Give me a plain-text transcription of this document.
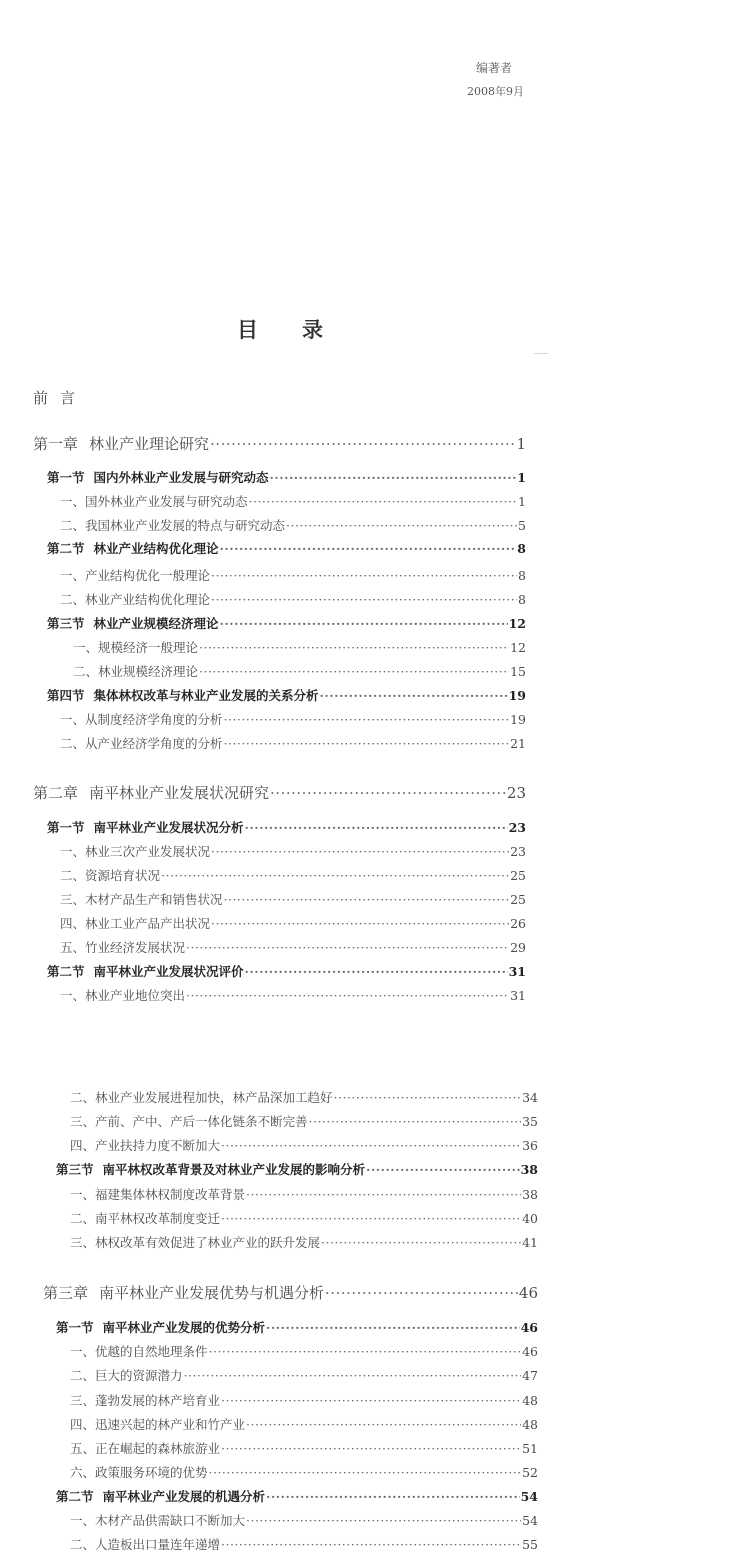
编著者
2008年9月
目录
前言
第一章 林业产业理论研究 ·····	1
第一节 国内外林业产业发展与研究动态 ·····	1
一、国外林业产业发展与研究动态 ·····	1
二、我国林业产业发展的特点与研究动态 ·····	5
第二节 林业产业结构优化理论 ·····	8
一、产业结构优化一般理论 ·····	8
二、林业产业结构优化理论 ·····	8
第三节 林业产业规模经济理论 ·····	12
一、规模经济一般理论 ·····	12
二、林业规模经济理论 ·····	15
第四节 集体林权改革与林业产业发展的关系分析 ·····	19
一、从制度经济学角度的分析 ·····	19
二、从产业经济学角度的分析 ·····	21
第二章 南平林业产业发展状况研究 ·····	23
第一节 南平林业产业发展状况分析 ·····	23
一、林业三次产业发展状况 ·····	23
二、资源培育状况 ·····	25
三、木材产品生产和销售状况 ·····	25
四、林业工业产品产出状况 ·····	26
五、竹业经济发展状况 ·····	29
第二节 南平林业产业发展状况评价 ·····	31
一、林业产业地位突出 ·····	31
二、林业产业发展进程加快，林产品深加工趋好 ·····	34
三、产前、产中、产后一体化链条不断完善 ·····	35
四、产业扶持力度不断加大 ·····	36
第三节 南平林权改革背景及对林业产业发展的影响分析 ·····	38
一、福建集体林权制度改革背景 ·····	38
二、南平林权改革制度变迁 ·····	40
三、林权改革有效促进了林业产业的跃升发展 ·····	41
第三章 南平林业产业发展优势与机遇分析 ·····	46
第一节 南平林业产业发展的优势分析 ·····	46
一、优越的自然地理条件 ·····	46
二、巨大的资源潜力 ·····	47
三、蓬勃发展的林产培育业 ·····	48
四、迅速兴起的林产业和竹产业 ·····	48
五、正在崛起的森林旅游业 ·····	51
六、政策服务环境的优势 ·····	52
第二节 南平林业产业发展的机遇分析 ·····	54
一、木材产品供需缺口不断加大 ·····	54
二、人造板出口量连年递增 ·····	55
